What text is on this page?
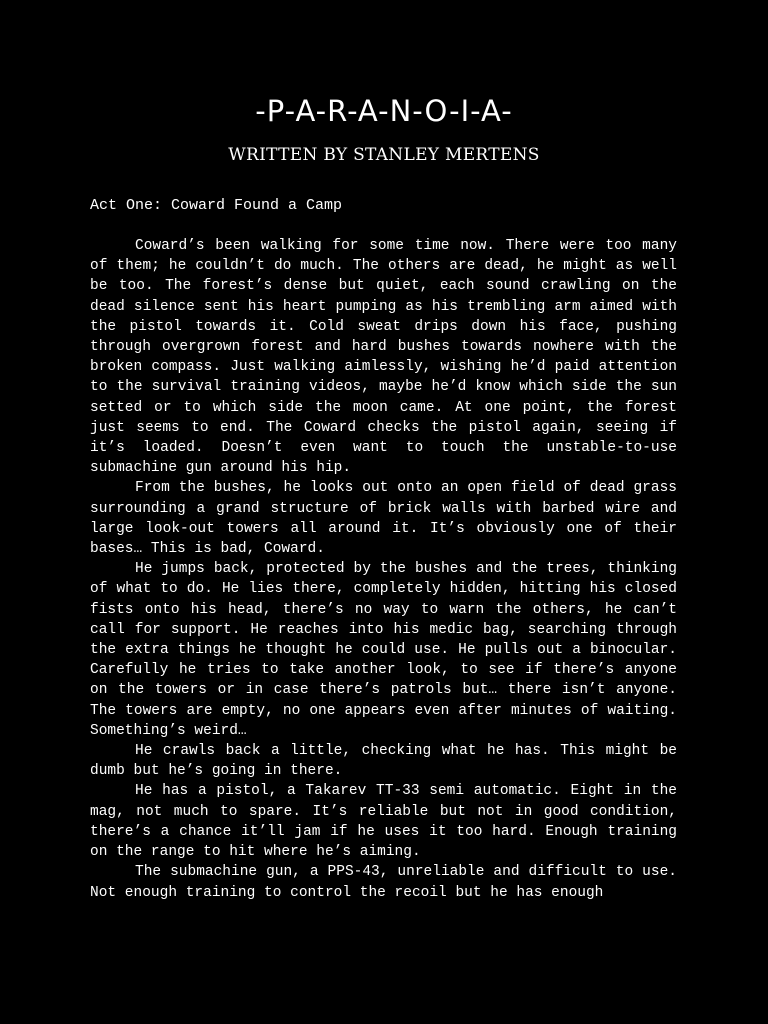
-P-A-R-A-N-O-I-A-
WRITTEN BY STANLEY MERTENS
Act One: Coward Found a Camp

Coward’s been walking for some time now. There were too many of them; he couldn’t do much. The others are dead, he might as well be too. The forest’s dense but quiet, each sound crawling on the dead silence sent his heart pumping as his trembling arm aimed with the pistol towards it. Cold sweat drips down his face, pushing through overgrown forest and hard bushes towards nowhere with the broken compass. Just walking aimlessly, wishing he’d paid attention to the survival training videos, maybe he’d know which side the sun setted or to which side the moon came. At one point, the forest just seems to end. The Coward checks the pistol again, seeing if it’s loaded. Doesn’t even want to touch the unstable-to-use submachine gun around his hip.

From the bushes, he looks out onto an open field of dead grass surrounding a grand structure of brick walls with barbed wire and large look-out towers all around it. It’s obviously one of their bases… This is bad, Coward.

He jumps back, protected by the bushes and the trees, thinking of what to do. He lies there, completely hidden, hitting his closed fists onto his head, there’s no way to warn the others, he can’t call for support. He reaches into his medic bag, searching through the extra things he thought he could use. He pulls out a binocular. Carefully he tries to take another look, to see if there’s anyone on the towers or in case there’s patrols but… there isn’t anyone. The towers are empty, no one appears even after minutes of waiting. Something’s weird…

He crawls back a little, checking what he has. This might be dumb but he’s going in there.

He has a pistol, a Takarev TT-33 semi automatic. Eight in the mag, not much to spare. It’s reliable but not in good condition, there’s a chance it’ll jam if he uses it too hard. Enough training on the range to hit where he’s aiming.

The submachine gun, a PPS-43, unreliable and difficult to use. Not enough training to control the recoil but he has enough
